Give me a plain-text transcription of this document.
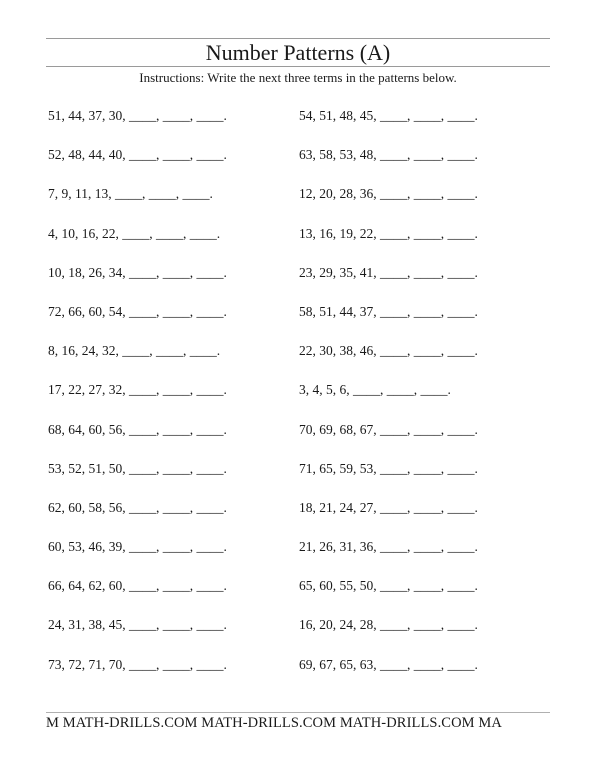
Number Patterns (A)
Instructions: Write the next three terms in the patterns below.
51, 44, 37, 30, ____, ____, ____.
52, 48, 44, 40, ____, ____, ____.
7, 9, 11, 13, ____, ____, ____.
4, 10, 16, 22, ____, ____, ____.
10, 18, 26, 34, ____, ____, ____.
72, 66, 60, 54, ____, ____, ____.
8, 16, 24, 32, ____, ____, ____.
17, 22, 27, 32, ____, ____, ____.
68, 64, 60, 56, ____, ____, ____.
53, 52, 51, 50, ____, ____, ____.
62, 60, 58, 56, ____, ____, ____.
60, 53, 46, 39, ____, ____, ____.
66, 64, 62, 60, ____, ____, ____.
24, 31, 38, 45, ____, ____, ____.
73, 72, 71, 70, ____, ____, ____.
54, 51, 48, 45, ____, ____, ____.
63, 58, 53, 48, ____, ____, ____.
12, 20, 28, 36, ____, ____, ____.
13, 16, 19, 22, ____, ____, ____.
23, 29, 35, 41, ____, ____, ____.
58, 51, 44, 37, ____, ____, ____.
22, 30, 38, 46, ____, ____, ____.
3, 4, 5, 6, ____, ____, ____.
70, 69, 68, 67, ____, ____, ____.
71, 65, 59, 53, ____, ____, ____.
18, 21, 24, 27, ____, ____, ____.
21, 26, 31, 36, ____, ____, ____.
65, 60, 55, 50, ____, ____, ____.
16, 20, 24, 28, ____, ____, ____.
69, 67, 65, 63, ____, ____, ____.
M MATH-DRILLS.COM MATH-DRILLS.COM MATH-DRILLS.COM MA
